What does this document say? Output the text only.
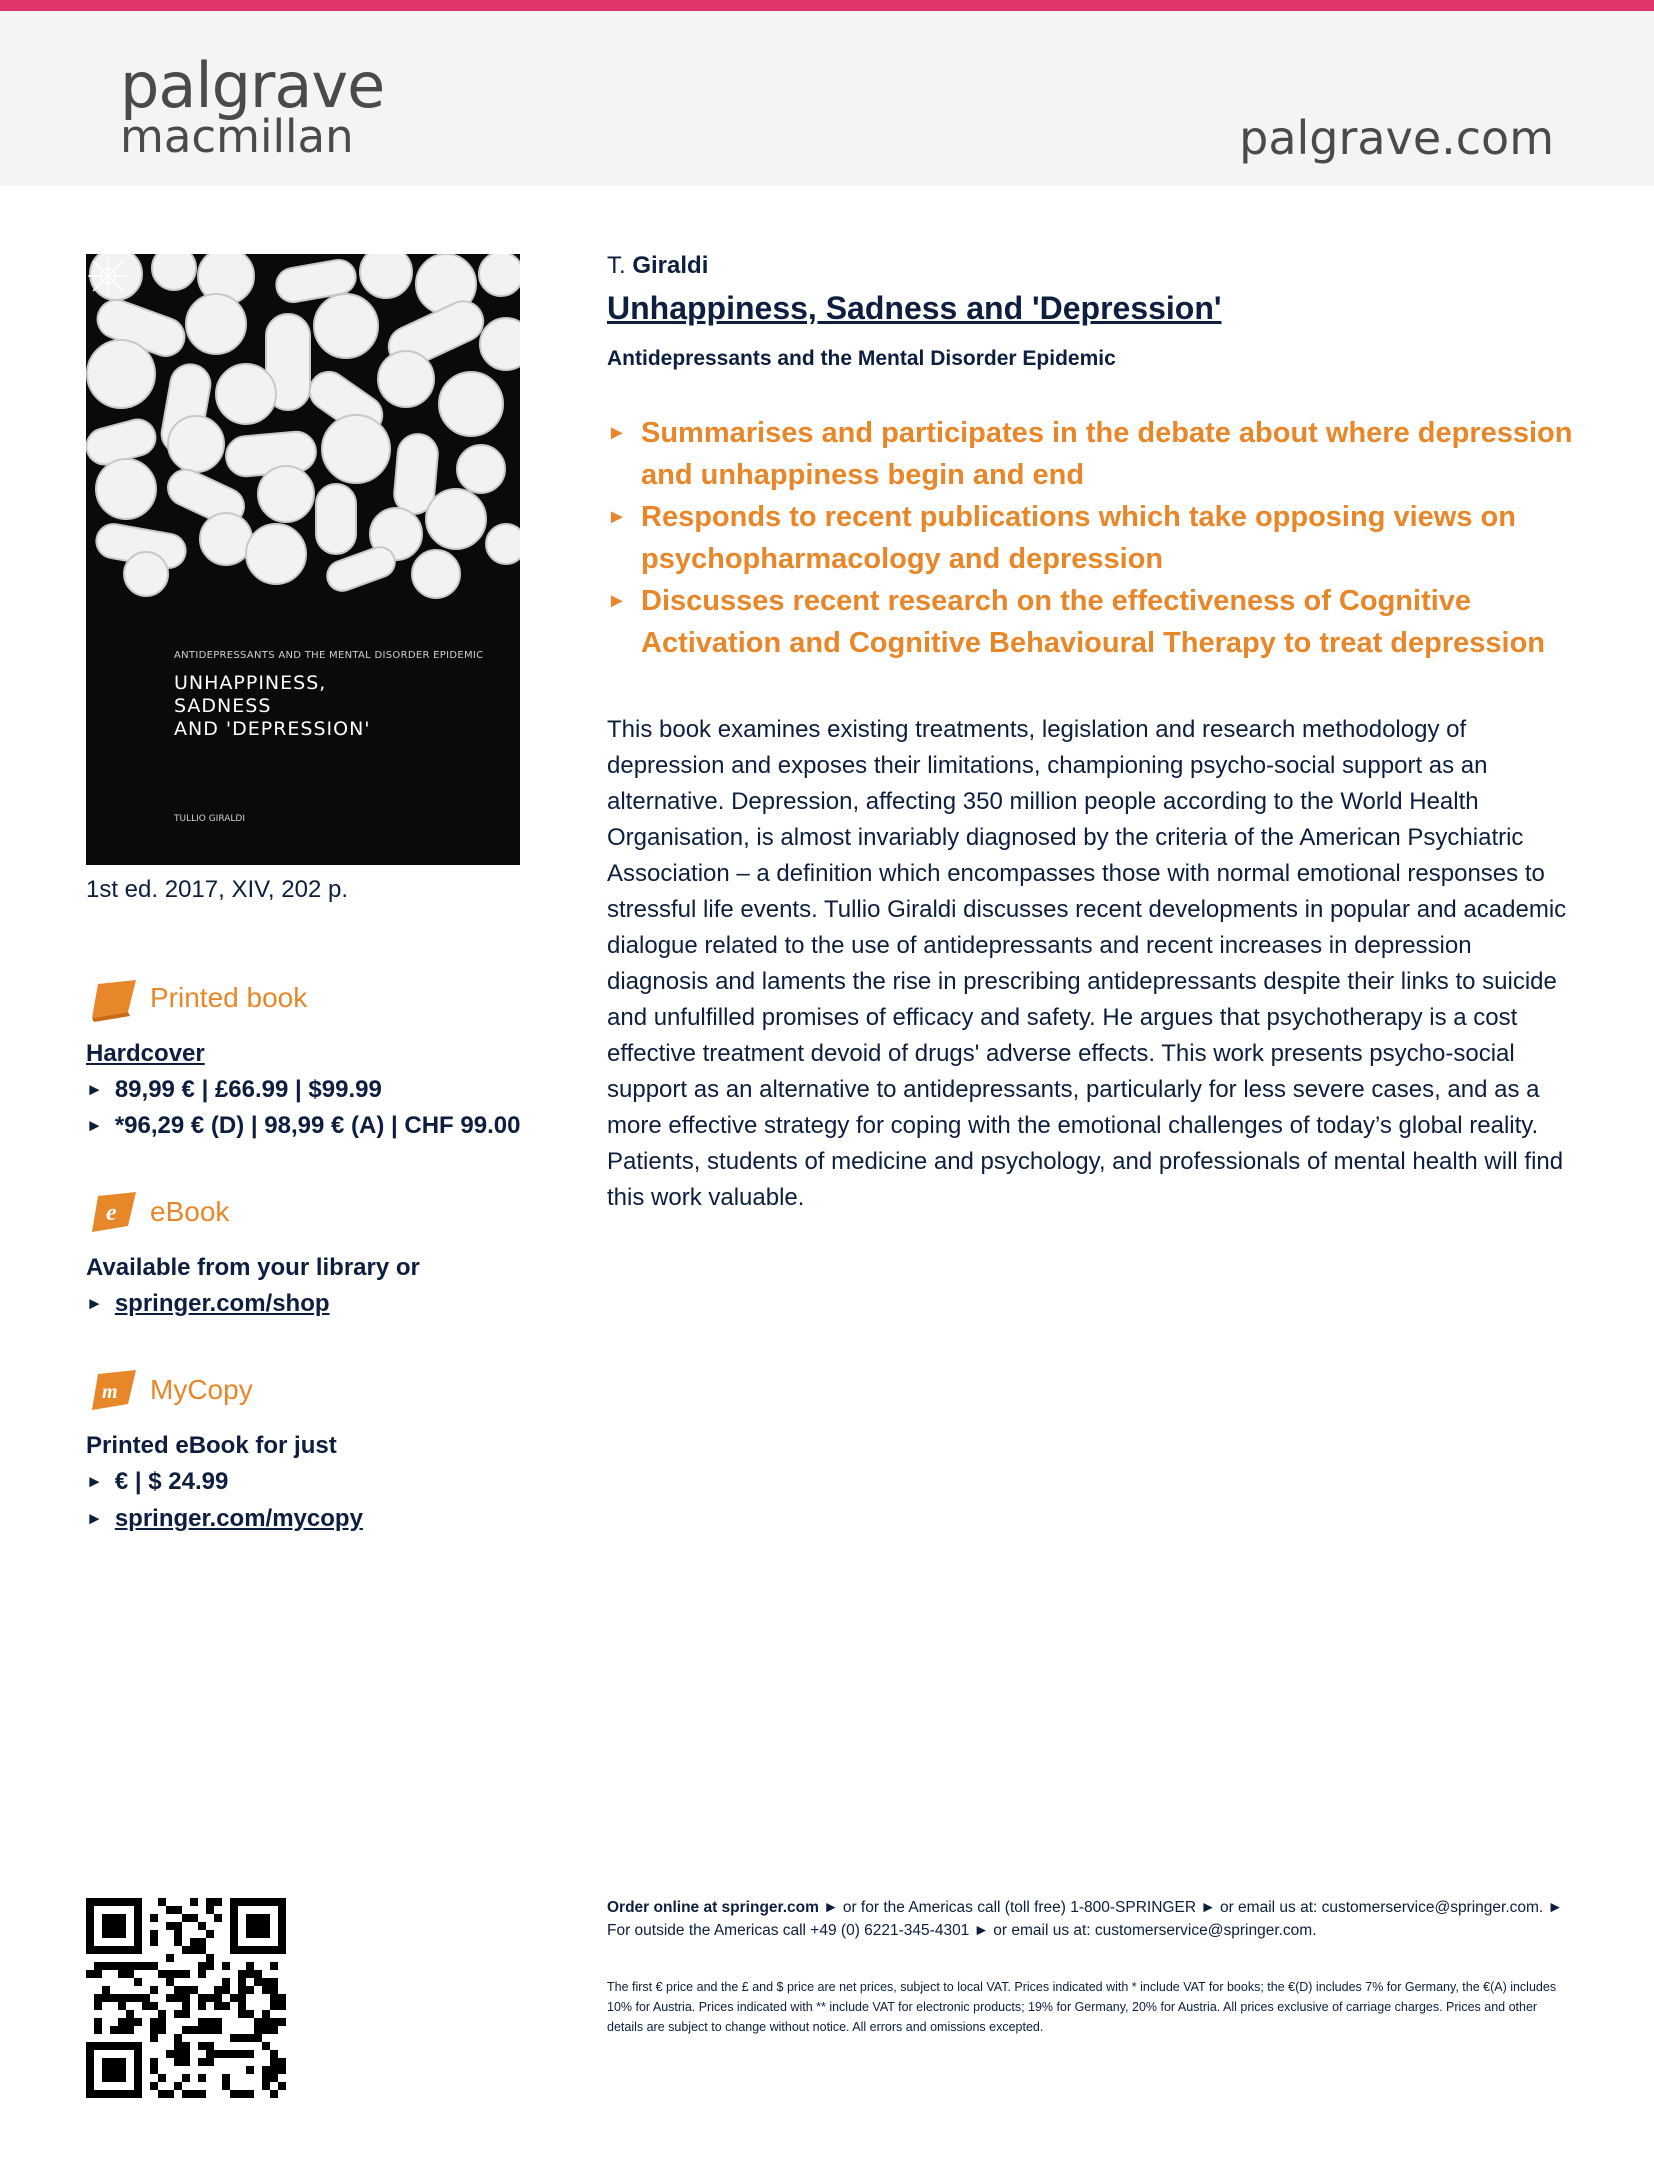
palgrave
macmillan	palgrave.com
ANTIDEPRESSANTS AND THE MENTAL DISORDER EPIDEMIC
UNHAPPINESS,
SADNESS
AND 'DEPRESSION'
TULLIO GIRALDI
1st ed. 2017, XIV, 202 p.
Printed book
Hardcover
► 89,99 € | £66.99 | $99.99
► *96,29 € (D) | 98,99 € (A) | CHF 99.00
e eBook
Available from your library or
► springer.com/shop
m MyCopy
Printed eBook for just
► € | $ 24.99
► springer.com/mycopy
T. Giraldi
Unhappiness, Sadness and 'Depression'
Antidepressants and the Mental Disorder Epidemic
► Summarises and participates in the debate about where depression and unhappiness begin and end
► Responds to recent publications which take opposing views on psychopharmacology and depression
► Discusses recent research on the effectiveness of Cognitive Activation and Cognitive Behavioural Therapy to treat depression
This book examines existing treatments, legislation and research methodology of depression and exposes their limitations, championing psycho-social support as an alternative. Depression, affecting 350 million people according to the World Health Organisation, is almost invariably diagnosed by the criteria of the American Psychiatric Association – a definition which encompasses those with normal emotional responses to stressful life events. Tullio Giraldi discusses recent developments in popular and academic dialogue related to the use of antidepressants and recent increases in depression diagnosis and laments the rise in prescribing antidepressants despite their links to suicide and unfulfilled promises of efficacy and safety. He argues that psychotherapy is a cost effective treatment devoid of drugs' adverse effects. This work presents psycho-social support as an alternative to antidepressants, particularly for less severe cases, and as a more effective strategy for coping with the emotional challenges of today’s global reality. Patients, students of medicine and psychology, and professionals of mental health will find this work valuable.
Order online at springer.com ► or for the Americas call (toll free) 1-800-SPRINGER ► or email us at: customerservice@springer.com. ► For outside the Americas call +49 (0) 6221-345-4301 ► or email us at: customerservice@springer.com.
The first € price and the £ and $ price are net prices, subject to local VAT. Prices indicated with * include VAT for books; the €(D) includes 7% for Germany, the €(A) includes 10% for Austria. Prices indicated with ** include VAT for electronic products; 19% for Germany, 20% for Austria. All prices exclusive of carriage charges. Prices and other details are subject to change without notice. All errors and omissions excepted.
